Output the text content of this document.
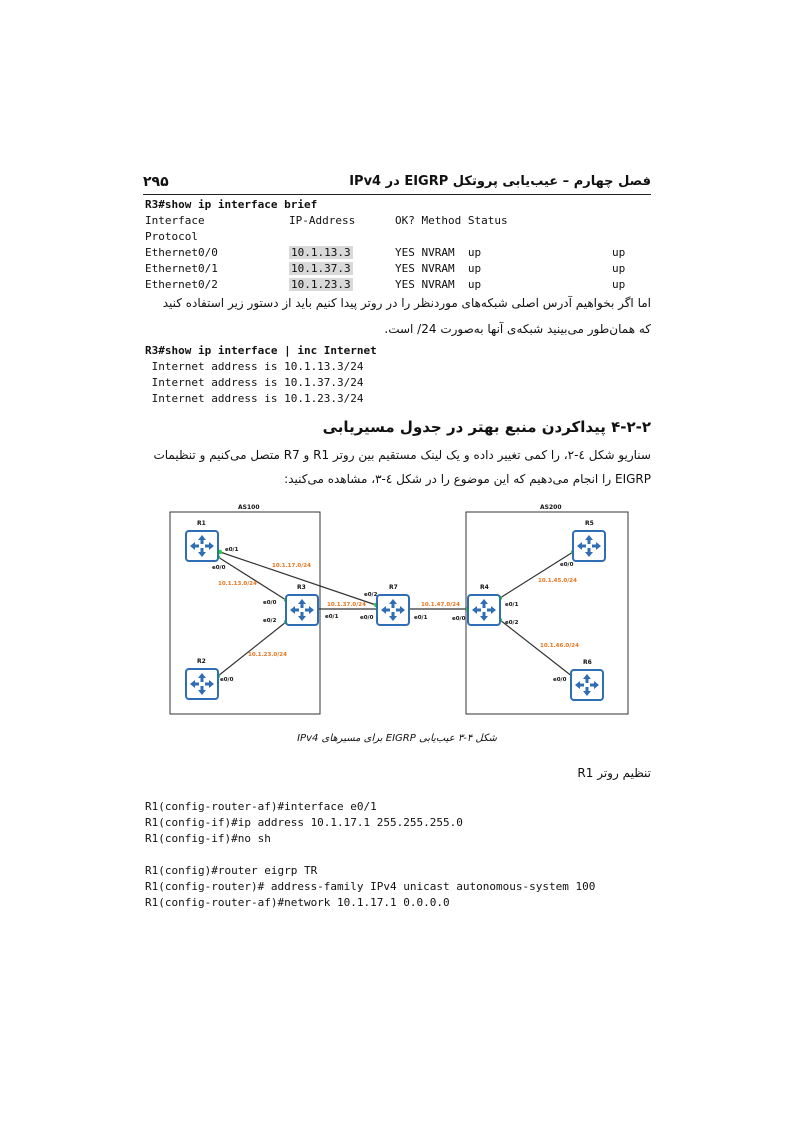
۲۹۵	فصل چهارم – عیب‌یابی پروتکل EIGRP در IPv4
R3#show ip interface brief
Interface	IP-Address	OK? Method Status
Protocol
Ethernet0/0	10.1.13.3	YES NVRAM  up	up
Ethernet0/1	10.1.37.3	YES NVRAM  up	up
Ethernet0/2	10.1.23.3	YES NVRAM  up	up
اما اگر بخواهیم آدرس اصلی شبکه‌های موردنظر را در روتر پیدا کنیم باید از دستور زیر استفاده کنید
که همان‌طور می‌بینید شبکه‌ی آنها به‌صورت 24/ است.
R3#show ip interface | inc Internet
Internet address is 10.1.13.3/24
Internet address is 10.1.37.3/24
Internet address is 10.1.23.3/24
۴-۲-۲ پیداکردن منبع بهتر در جدول مسیریابی
سناریو شکل ٤-٢، را کمی تغییر داده و یک لینک مستقیم بین روتر R1 و R7 متصل می‌کنیم و تنظیمات
EIGRP را انجام می‌دهیم که این موضوع را در شکل ٤-٣، مشاهده می‌کنید:
AS100	AS200
R1
R3
R2
R7	R4
R5
R6
10.1.17.0/24
10.1.13.0/24
10.1.37.0/24
10.1.23.0/24
10.1.47.0/24
10.1.45.0/24
10.1.46.0/24
e0/1
e0/0
e0/0
e0/2
e0/1
e0/0
e0/2
e0/0	e0/1	e0/0
e0/1
e0/2
e0/0
e0/0
شکل ۴-۳ عیب‌یابی EIGRP برای مسیرهای IPv4
تنظیم روتر R1
R1(config-router-af)#interface e0/1
R1(config-if)#ip address 10.1.17.1 255.255.255.0
R1(config-if)#no sh
R1(config)#router eigrp TR
R1(config-router)# address-family IPv4 unicast autonomous-system 100
R1(config-router-af)#network 10.1.17.1 0.0.0.0
